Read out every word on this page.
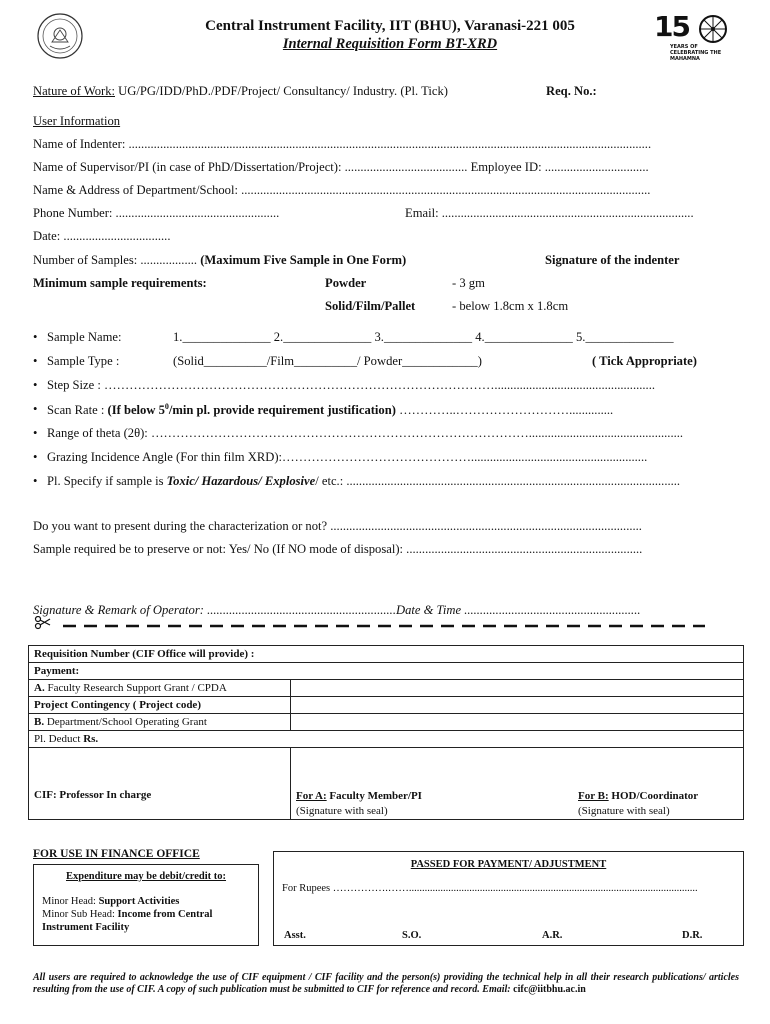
Central Instrument Facility, IIT (BHU), Varanasi-221 005
Internal Requisition Form BT-XRD
15
YEARS OF CELEBRATING THE MAHAMNA
Nature of Work: UG/PG/IDD/PhD./PDF/Project/ Consultancy/ Industry. (Pl. Tick)	Req. No.:
User Information
Name of Indenter: ......................................................................................................................................................................
Name of Supervisor/PI (in case of PhD/Dissertation/Project): ....................................... Employee ID: .................................
Name & Address of Department/School: ..................................................................................................................................
Phone Number: ....................................................	Email: ................................................................................
Date: ..................................
Number of Samples: .................. (Maximum Five Sample in One Form)	Signature of the indenter
Minimum sample requirements:	Powder	- 3 gm
Solid/Film/Pallet	- below 1.8cm x 1.8cm
Sample Name:	1.______________ 2.______________ 3.______________ 4.______________ 5.______________
Sample Type :	(Solid__________/Film__________/ Powder____________)	( Tick Appropriate)
Step Size : …………………………………………………………………………………...................................................
Scan Rate : (If below $5^0/\min$ pl. provide requirement justification) …………..………………………..............
Range of theta (2θ): ……………………………………………………………………………….................................................
Grazing Incidence Angle (For thin film XRD):………………………………………........................................................
Pl. Specify if sample is Toxic/ Hazardous/ Explosive/ etc.: ..........................................................................................................
Do you want to present during the characterization or not? ...................................................................................................
Sample required be to preserve or not: Yes/ No (If NO mode of disposal): ...........................................................................
Signature & Remark of Operator: ............................................................Date & Time ........................................................
Requisition Number (CIF Office will provide) :	
Payment:	
A. Faculty Research Support Grant / CPDA	
Project Contingency ( Project code)	
B. Department/School Operating Grant	
Pl. Deduct Rs.	
CIF: Professor In charge	For A: Faculty Member/PI
(Signature with seal)
For B: HOD/Coordinator
(Signature with seal)
FOR USE IN FINANCE OFFICE
Expenditure may be debit/credit to:
Minor Head: Support Activities
Minor Sub Head: Income from Central
Instrument Facility
PASSED FOR PAYMENT/ ADJUSTMENT
For Rupees …………….……..............................................................................................................
Asst.	S.O.	A.R.	D.R.
All users are required to acknowledge the use of CIF equipment / CIF facility and the person(s) providing the technical help in all their research publications/ articles resulting from the use of CIF. A copy of such publication must be submitted to CIF for reference and record. Email: cifc@iitbhu.ac.in
